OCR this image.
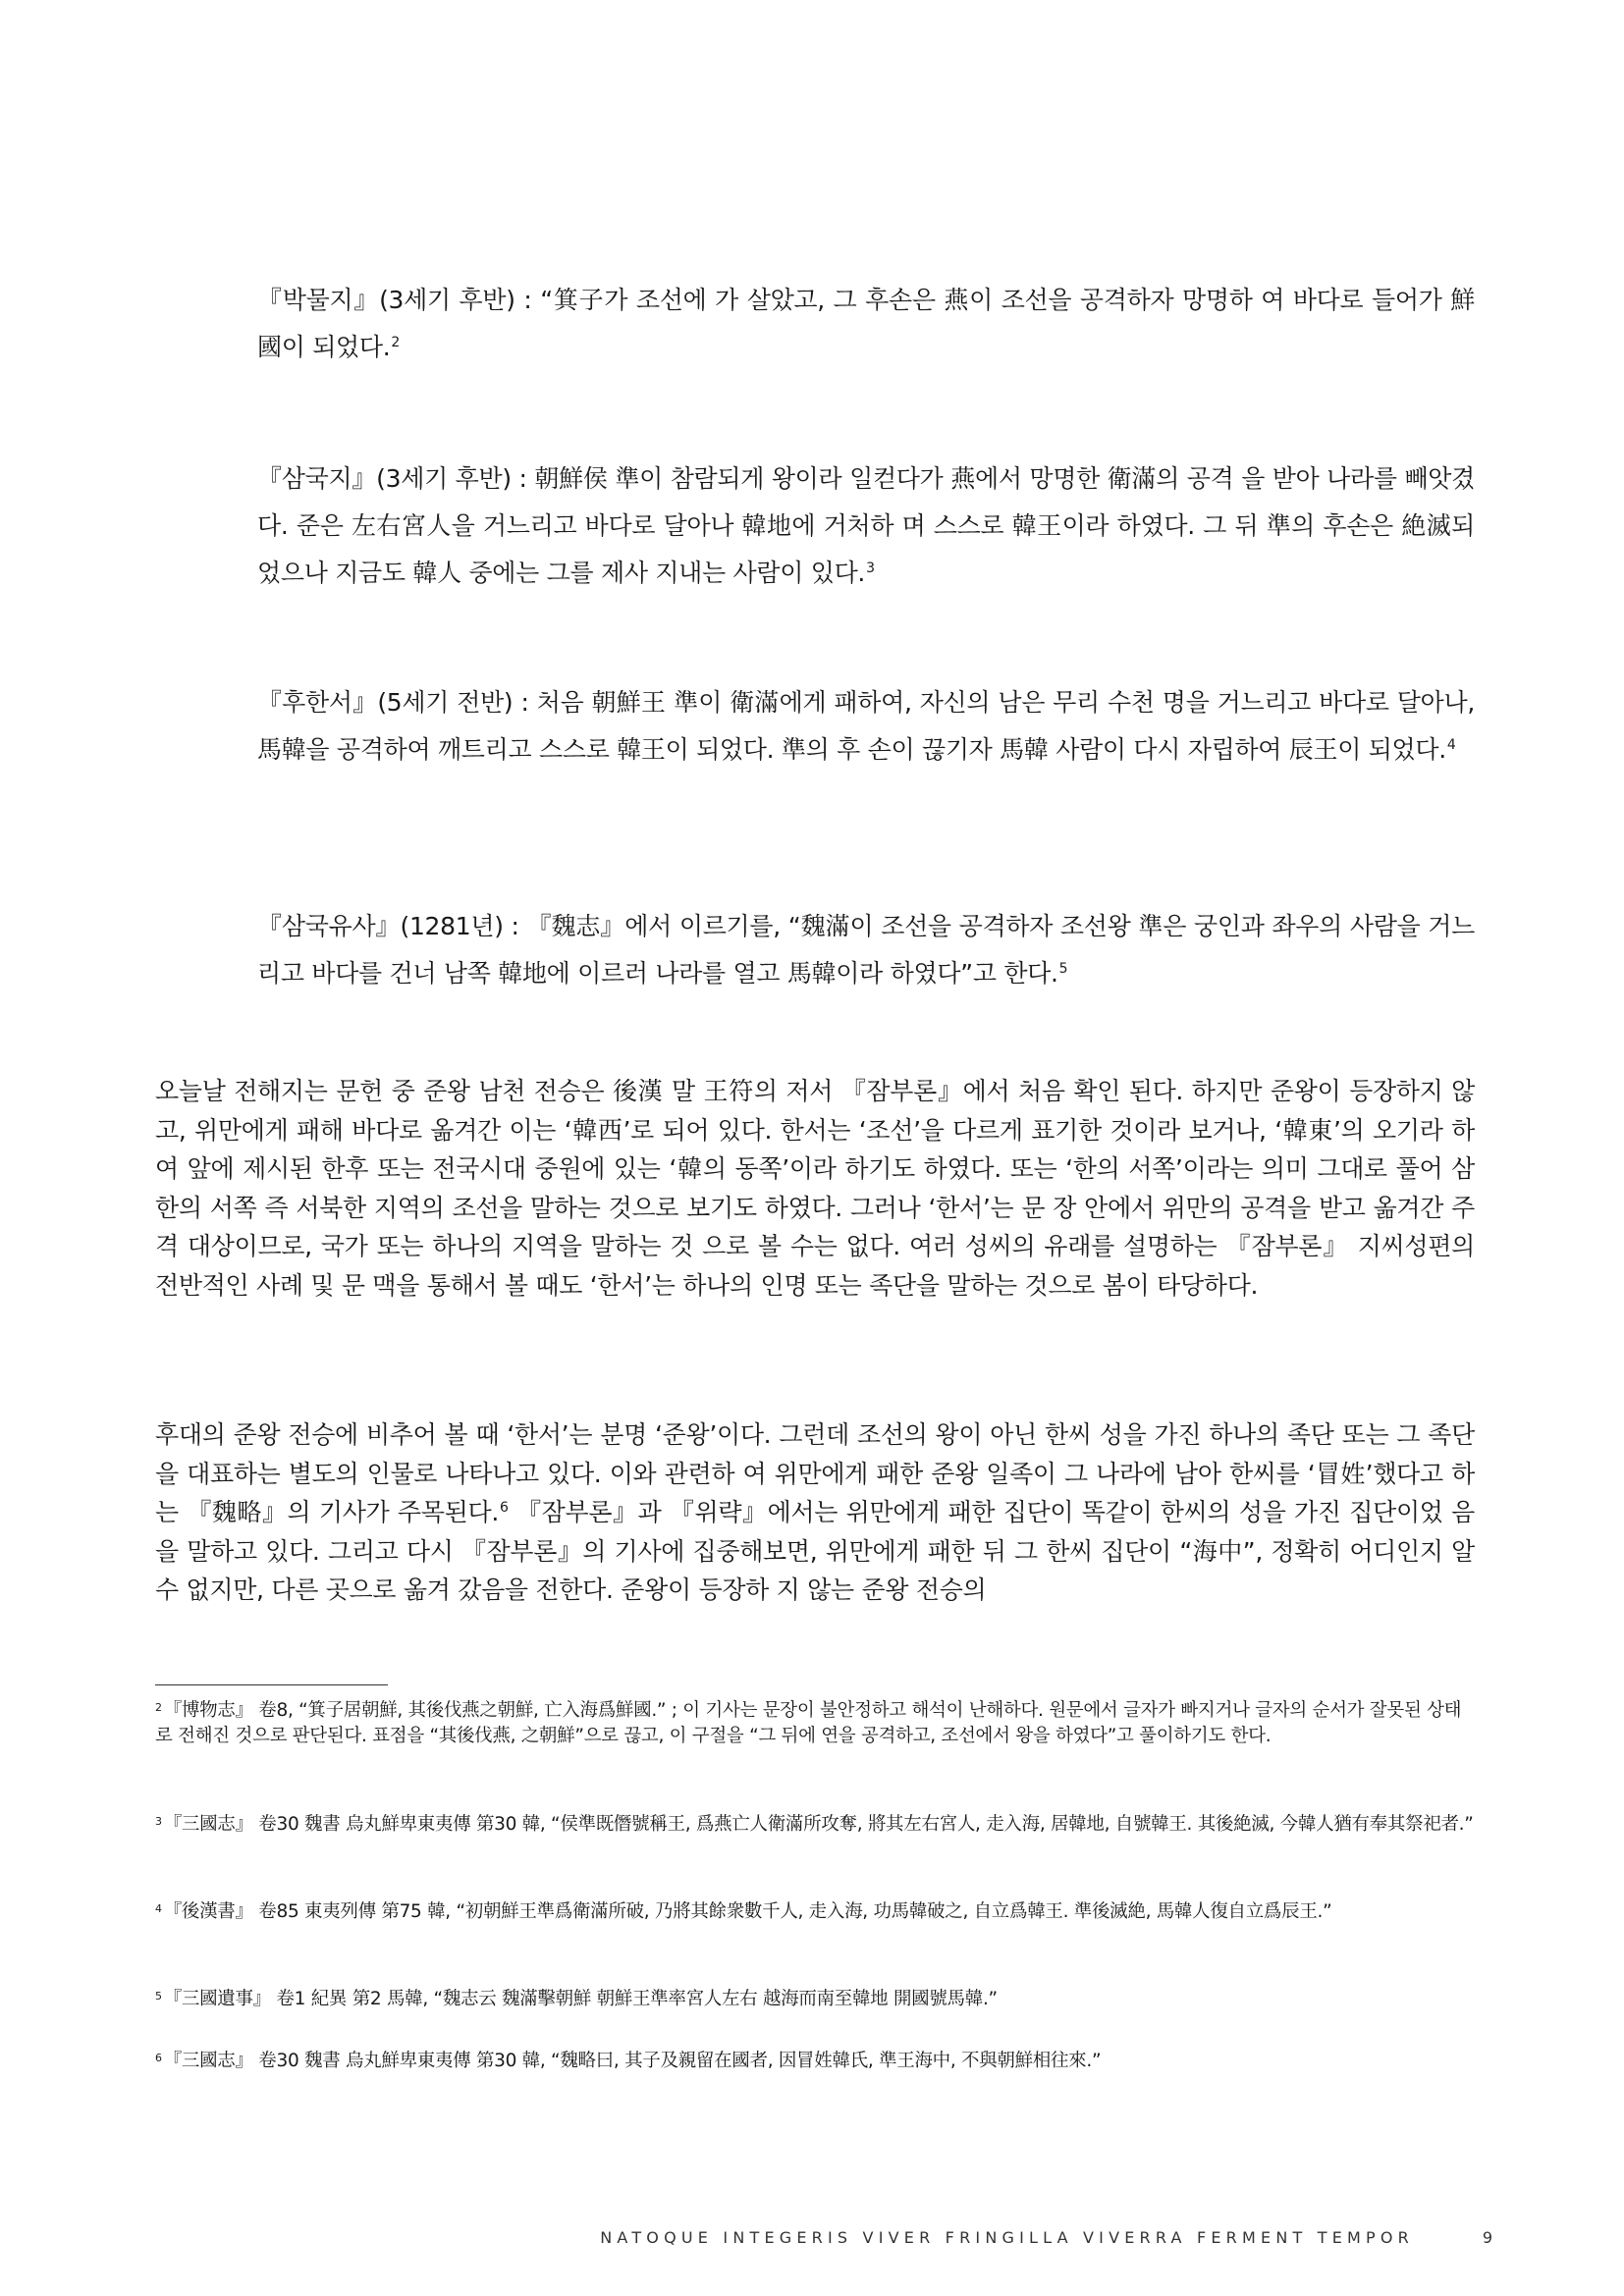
『박물지』(3세기 후반) : “箕子가 조선에 가 살았고, 그 후손은 燕이 조선을 공격하자 망명하 여 바다로 들어가 鮮國이 되었다.$^2$
『삼국지』(3세기 후반) : 朝鮮侯 準이 참람되게 왕이라 일컫다가 燕에서 망명한 衛滿의 공격 을 받아 나라를 빼앗겼다. 준은 左右宮人을 거느리고 바다로 달아나 韓地에 거처하 며 스스로 韓王이라 하였다. 그 뒤 準의 후손은 絶滅되었으나 지금도 韓人 중에는 그를 제사 지내는 사람이 있다.$^3$
『후한서』(5세기 전반) : 처음 朝鮮王 準이 衛滿에게 패하여, 자신의 남은 무리 수천 명을 거느리고 바다로 달아나, 馬韓을 공격하여 깨트리고 스스로 韓王이 되었다. 準의 후 손이 끊기자 馬韓 사람이 다시 자립하여 辰王이 되었다.$^4$
『삼국유사』(1281년) : 『魏志』에서 이르기를, “魏滿이 조선을 공격하자 조선왕 準은 궁인과 좌우의 사람을 거느리고 바다를 건너 남쪽 韓地에 이르러 나라를 열고 馬韓이라 하였다”고 한다.$^5$
오늘날 전해지는 문헌 중 준왕 남천 전승은 後漢 말 王符의 저서 『잠부론』에서 처음 확인 된다. 하지만 준왕이 등장하지 않고, 위만에게 패해 바다로 옮겨간 이는 ‘韓西’로 되어 있다. 한서는 ‘조선’을 다르게 표기한 것이라 보거나, ‘韓東’의 오기라 하여 앞에 제시된 한후 또는 전국시대 중원에 있는 ‘韓의 동쪽’이라 하기도 하였다. 또는 ‘한의 서쪽’이라는 의미 그대로 풀어 삼한의 서쪽 즉 서북한 지역의 조선을 말하는 것으로 보기도 하였다. 그러나 ‘한서’는 문 장 안에서 위만의 공격을 받고 옮겨간 주격 대상이므로, 국가 또는 하나의 지역을 말하는 것 으로 볼 수는 없다. 여러 성씨의 유래를 설명하는 『잠부론』 지씨성편의 전반적인 사례 및 문 맥을 통해서 볼 때도 ‘한서’는 하나의 인명 또는 족단을 말하는 것으로 봄이 타당하다.
후대의 준왕 전승에 비추어 볼 때 ‘한서’는 분명 ‘준왕’이다. 그런데 조선의 왕이 아닌 한씨 성을 가진 하나의 족단 또는 그 족단을 대표하는 별도의 인물로 나타나고 있다. 이와 관련하 여 위만에게 패한 준왕 일족이 그 나라에 남아 한씨를 ‘冒姓’했다고 하는 『魏略』의 기사가 주목된다.$^6$ 『잠부론』과 『위략』에서는 위만에게 패한 집단이 똑같이 한씨의 성을 가진 집단이었 음을 말하고 있다. 그리고 다시 『잠부론』의 기사에 집중해보면, 위만에게 패한 뒤 그 한씨 집단이 “海中”, 정확히 어디인지 알 수 없지만, 다른 곳으로 옮겨 갔음을 전한다. 준왕이 등장하 지 않는 준왕 전승의
$^2$ 『博物志』 卷8, “箕子居朝鮮, 其後伐燕之朝鮮, 亡入海爲鮮國.” ; 이 기사는 문장이 불안정하고 해석이 난해하다. 원문에서 글자가 빠지거나 글자의 순서가 잘못된 상태로 전해진 것으로 판단된다. 표점을 “其後伐燕, 之朝鮮”으로 끊고, 이 구절을 “그 뒤에 연을 공격하고, 조선에서 왕을 하였다”고 풀이하기도 한다.
$^3$ 『三國志』 卷30 魏書 烏丸鮮卑東夷傳 第30 韓, “侯準既僭號稱王, 爲燕亡人衛滿所攻奪, 將其左右宮人, 走入海, 居韓地, 自號韓王. 其後絶滅, 今韓人猶有奉其祭祀者.”
$^4$ 『後漢書』 卷85 東夷列傳 第75 韓, “初朝鮮王準爲衛滿所破, 乃將其餘衆數千人, 走入海, 功馬韓破之, 自立爲韓王. 準後滅絶, 馬韓人復自立爲辰王.”
$^5$ 『三國遺事』 卷1 紀異 第2 馬韓, “魏志云 魏滿擊朝鮮 朝鮮王準率宮人左右 越海而南至韓地 開國號馬韓.”
$^6$ 『三國志』 卷30 魏書 烏丸鮮卑東夷傳 第30 韓, “魏略曰, 其子及親留在國者, 因冒姓韓氏, 準王海中, 不與朝鮮相往來.”
NATOQUE INTEGERIS VIVER FRINGILLA VIVERRA FERMENT TEMPOR	9
